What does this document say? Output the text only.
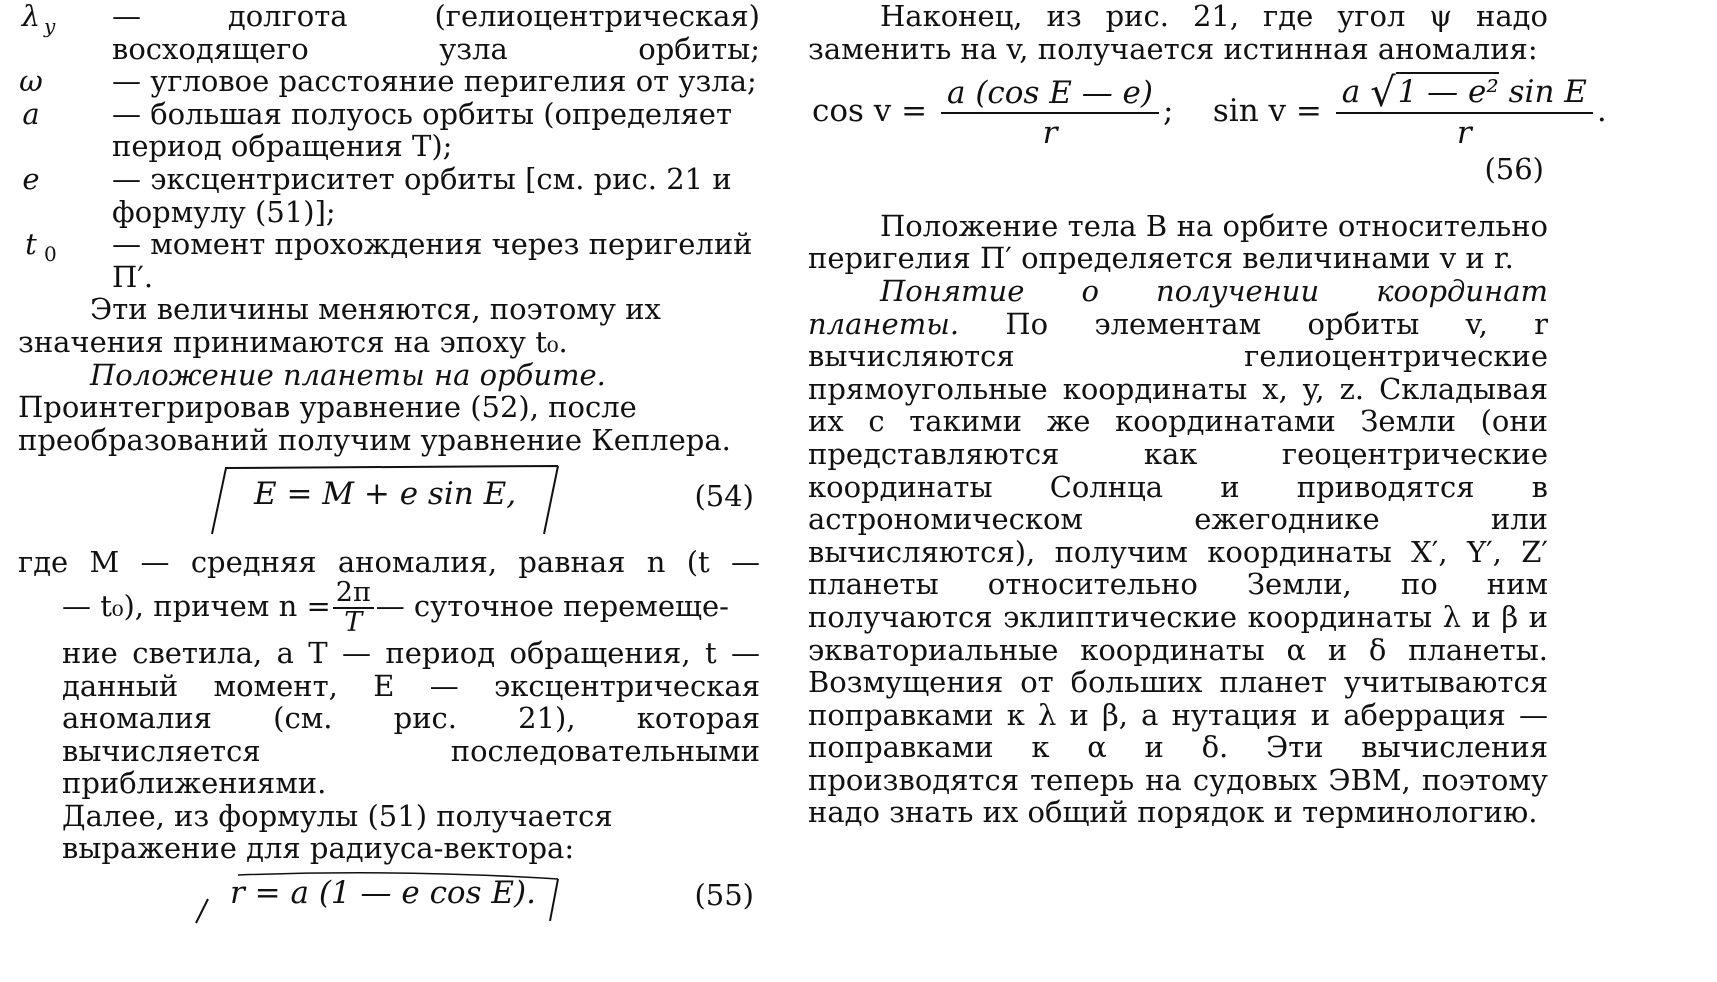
λ $_у$	— долгота (гелиоцентрическая) восходящего узла орбиты;
ω	— угловое расстояние перигелия от узла;
a	— большая полуось орбиты (определяет период обращения T);
e	— эксцентриситет орбиты [см. рис. 21 и формулу (51)];
t $_0$	— момент прохождения через перигелий П′.

Эти величины меняются, поэтому их значения принимаются на эпоху t₀.

Положение планеты на орбите. Проинтегрировав уравнение (52), после преобразований получим уравнение Кеплера.

E = M + e sin E,	(54)

где M — средняя аномалия, равная n (t —

— t₀), причем $n = \frac{2\pi}{T}$ — суточное перемеще-

ние светила, а T — период обращения, t — данный момент, E — эксцентрическая аномалия (см. рис. 21), которая вычисляется последовательными приближениями.

Далее, из формулы (51) получается выражение для радиуса-вектора:

r = a (1 — e cos E).	(55)

Наконец, из рис. 21, где угол ψ надо заменить на v, получается истинная аномалия:

$\cos v = \frac{\text{a (cos E — e)}}{r}$ ; $\sin v = \frac{\text{a √1 — e² sin E}}{r}$ .
(56)

Положение тела B на орбите относительно перигелия П′ определяется величинами v и r.

Понятие о получении координат планеты. По элементам орбиты v, r вычисляются гелиоцентрические прямоугольные координаты x, y, z. Складывая их с такими же координатами Земли (они представляются как геоцентрические координаты Солнца и приводятся в астрономическом ежегоднике или вычисляются), получим координаты X′, Y′, Z′ планеты относительно Земли, по ним получаются эклиптические координаты λ и β и экваториальные координаты α и δ планеты. Возмущения от больших планет учитываются поправками к λ и β, а нутация и аберрация — поправками к α и δ. Эти вычисления производятся теперь на судовых ЭВМ, поэтому надо знать их общий порядок и терминологию.
